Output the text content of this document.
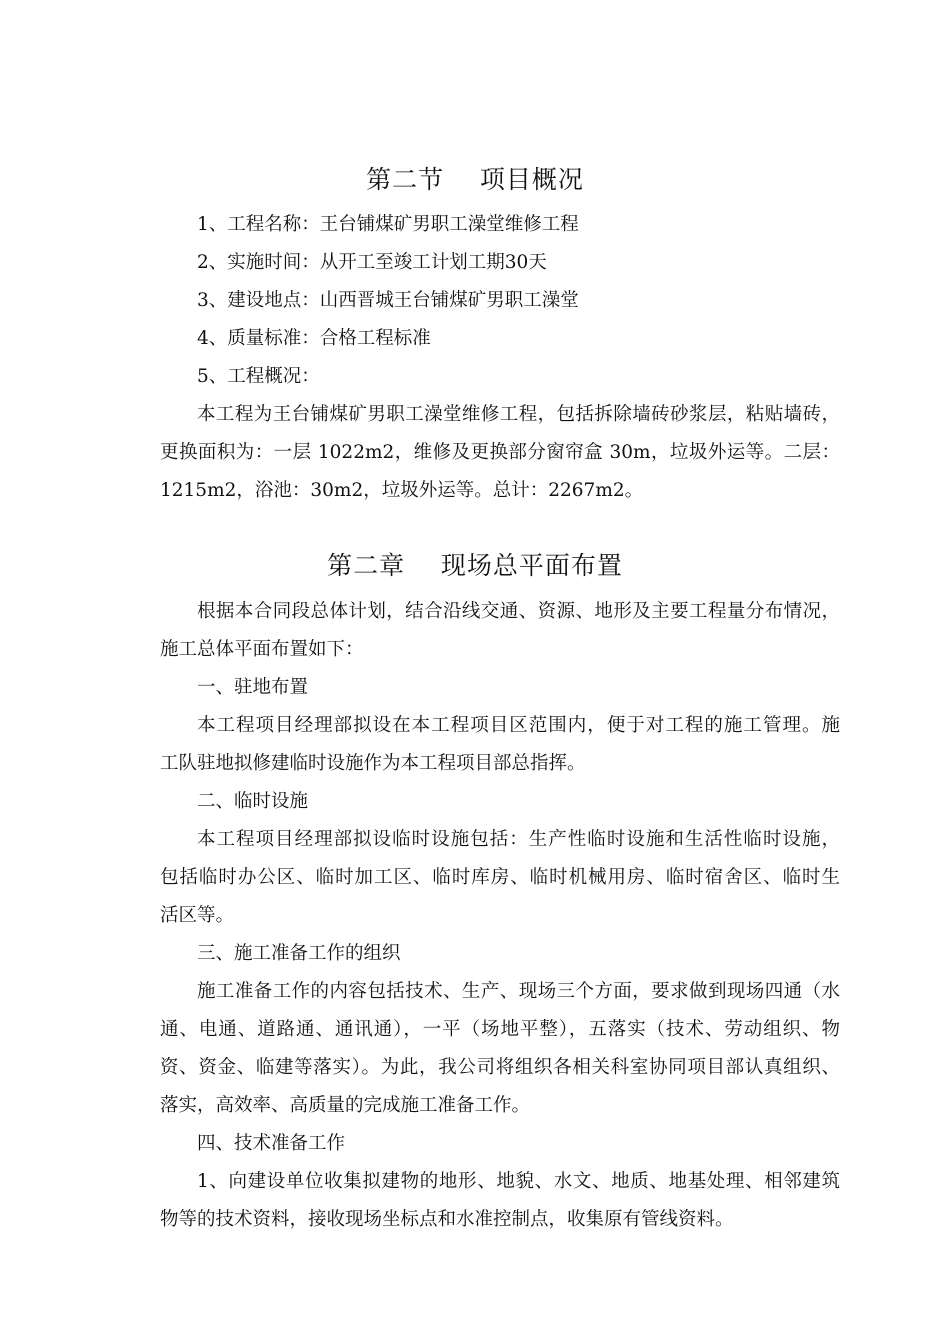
第二节    项目概况
1、工程名称：王台铺煤矿男职工澡堂维修工程
2、实施时间：从开工至竣工计划工期30天
3、建设地点：山西晋城王台铺煤矿男职工澡堂
4、质量标准：合格工程标准
5、工程概况：
本工程为王台铺煤矿男职工澡堂维修工程，包括拆除墙砖砂浆层，粘贴墙砖，
更换面积为：一层 1022m2，维修及更换部分窗帘盒 30m，垃圾外运等。二层：
1215m2，浴池：30m2，垃圾外运等。总计：2267m2。
第二章    现场总平面布置
根据本合同段总体计划，结合沿线交通、资源、地形及主要工程量分布情况，
施工总体平面布置如下：
一、驻地布置
本工程项目经理部拟设在本工程项目区范围内，便于对工程的施工管理。施
工队驻地拟修建临时设施作为本工程项目部总指挥。
二、临时设施
本工程项目经理部拟设临时设施包括：生产性临时设施和生活性临时设施，
包括临时办公区、临时加工区、临时库房、临时机械用房、临时宿舍区、临时生
活区等。
三、施工准备工作的组织
施工准备工作的内容包括技术、生产、现场三个方面，要求做到现场四通（水
通、电通、道路通、通讯通），一平（场地平整），五落实（技术、劳动组织、物
资、资金、临建等落实）。为此，我公司将组织各相关科室协同项目部认真组织、
落实，高效率、高质量的完成施工准备工作。
四、技术准备工作
1、向建设单位收集拟建物的地形、地貌、水文、地质、地基处理、相邻建筑
物等的技术资料，接收现场坐标点和水准控制点，收集原有管线资料。
